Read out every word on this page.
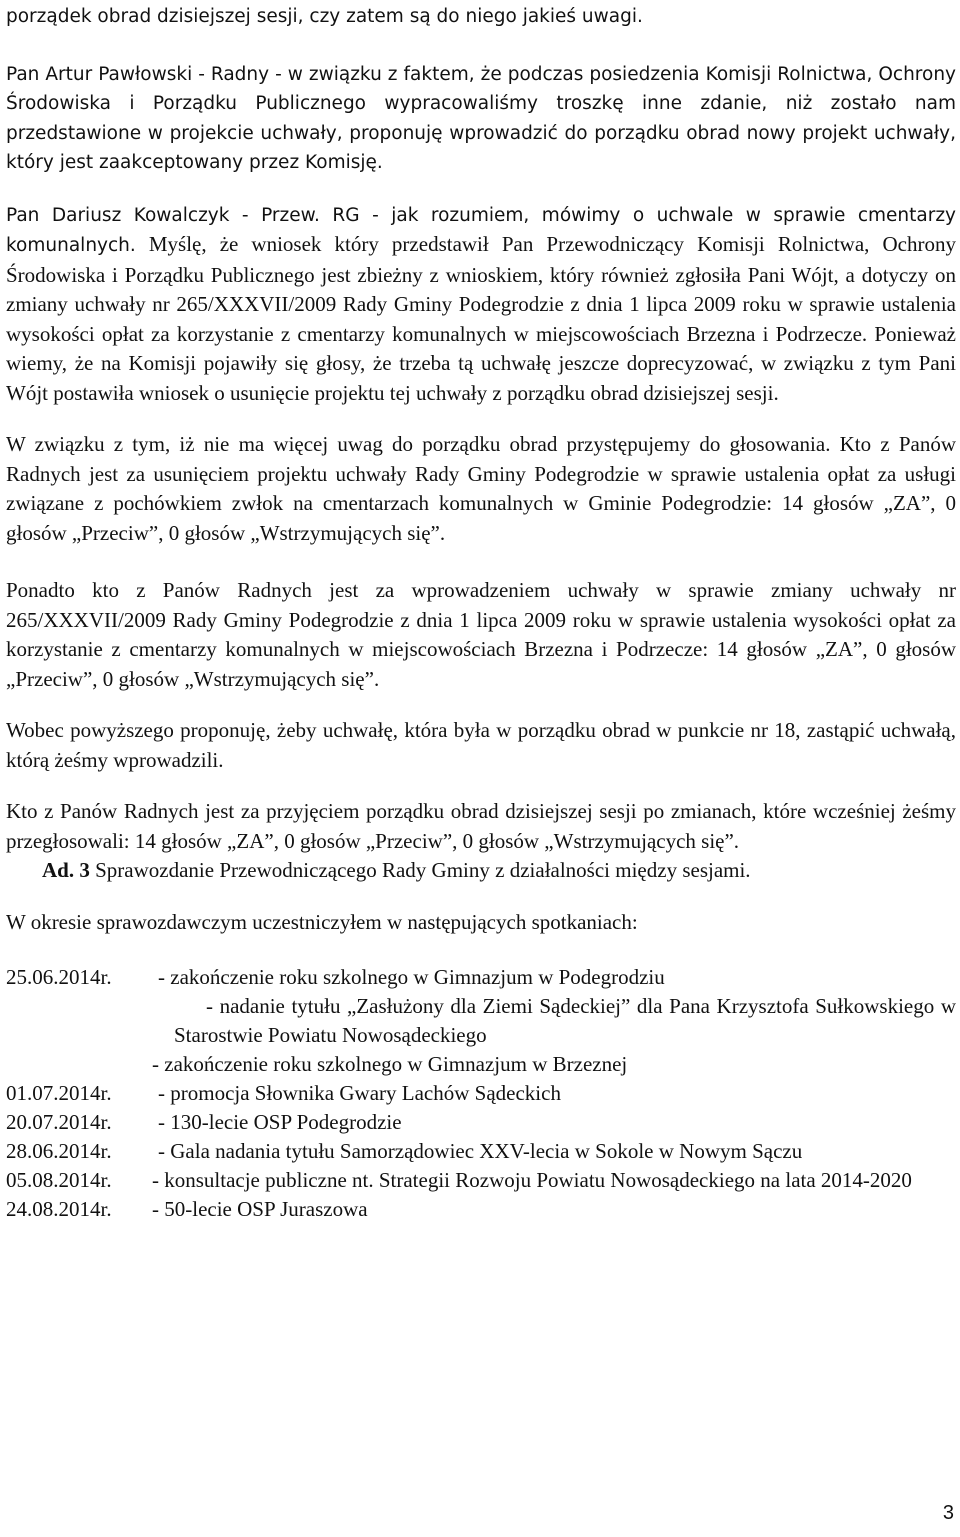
porządek obrad dzisiejszej sesji, czy zatem są do niego jakieś uwagi.

Pan Artur Pawłowski - Radny - w związku z faktem, że podczas posiedzenia Komisji Rolnictwa, Ochrony Środowiska i Porządku Publicznego wypracowaliśmy troszkę inne zdanie, niż zostało nam przedstawione w projekcie uchwały, proponuję wprowadzić do porządku obrad nowy projekt uchwały, który jest zaakceptowany przez Komisję.

Pan Dariusz Kowalczyk - Przew. RG - jak rozumiem, mówimy o uchwale w sprawie cmentarzy komunalnych. Myślę, że wniosek który przedstawił Pan Przewodniczący Komisji Rolnictwa, Ochrony Środowiska i Porządku Publicznego jest zbieżny z wnioskiem, który również zgłosiła Pani Wójt, a dotyczy on zmiany uchwały nr 265/XXXVII/2009 Rady Gminy Podegrodzie z dnia 1 lipca 2009 roku w sprawie ustalenia wysokości opłat za korzystanie z cmentarzy komunalnych w miejscowościach Brzezna i Podrzecze. Ponieważ wiemy, że na Komisji pojawiły się głosy, że trzeba tą uchwałę jeszcze doprecyzować, w związku z tym Pani Wójt postawiła wniosek o usunięcie projektu tej uchwały z porządku obrad dzisiejszej sesji.

W związku z tym, iż nie ma więcej uwag do porządku obrad przystępujemy do głosowania. Kto z Panów Radnych jest za usunięciem projektu uchwały Rady Gminy Podegrodzie w sprawie ustalenia opłat za usługi związane z pochówkiem zwłok na cmentarzach komunalnych w Gminie Podegrodzie: 14 głosów „ZA”, 0 głosów „Przeciw”, 0 głosów „Wstrzymujących się”.

Ponadto kto z Panów Radnych jest za wprowadzeniem uchwały w sprawie zmiany uchwały nr 265/XXXVII/2009 Rady Gminy Podegrodzie z dnia 1 lipca 2009 roku w sprawie ustalenia wysokości opłat za korzystanie z cmentarzy komunalnych w miejscowościach Brzezna i Podrzecze: 14 głosów „ZA”, 0 głosów „Przeciw”, 0 głosów „Wstrzymujących się”.

Wobec powyższego proponuję, żeby uchwałę, która była w porządku obrad w punkcie nr 18, zastąpić uchwałą, którą żeśmy wprowadzili.

Kto z Panów Radnych jest za przyjęciem porządku obrad dzisiejszej sesji po zmianach, które wcześniej żeśmy przegłosowali: 14 głosów „ZA”, 0 głosów „Przeciw”, 0 głosów „Wstrzymujących się”.

Ad. 3 Sprawozdanie Przewodniczącego Rady Gminy z działalności między sesjami.

W okresie sprawozdawczym uczestniczyłem w następujących spotkaniach:

25.06.2014r.	- zakończenie roku szkolnego w Gimnazjum w Podegrodziu
- nadanie tytułu „Zasłużony dla Ziemi Sądeckiej” dla Pana Krzysztofa Sułkowskiego w Starostwie Powiatu Nowosądeckiego
- zakończenie roku szkolnego w Gimnazjum w Brzeznej
01.07.2014r.	- promocja Słownika Gwary Lachów Sądeckich
20.07.2014r.	- 130-lecie OSP Podegrodzie
28.06.2014r.	- Gala nadania tytułu Samorządowiec XXV-lecia w Sokole w Nowym Sączu
05.08.2014r.	- konsultacje publiczne nt. Strategii Rozwoju Powiatu Nowosądeckiego na lata 2014-2020
24.08.2014r.	- 50-lecie OSP Juraszowa
3
